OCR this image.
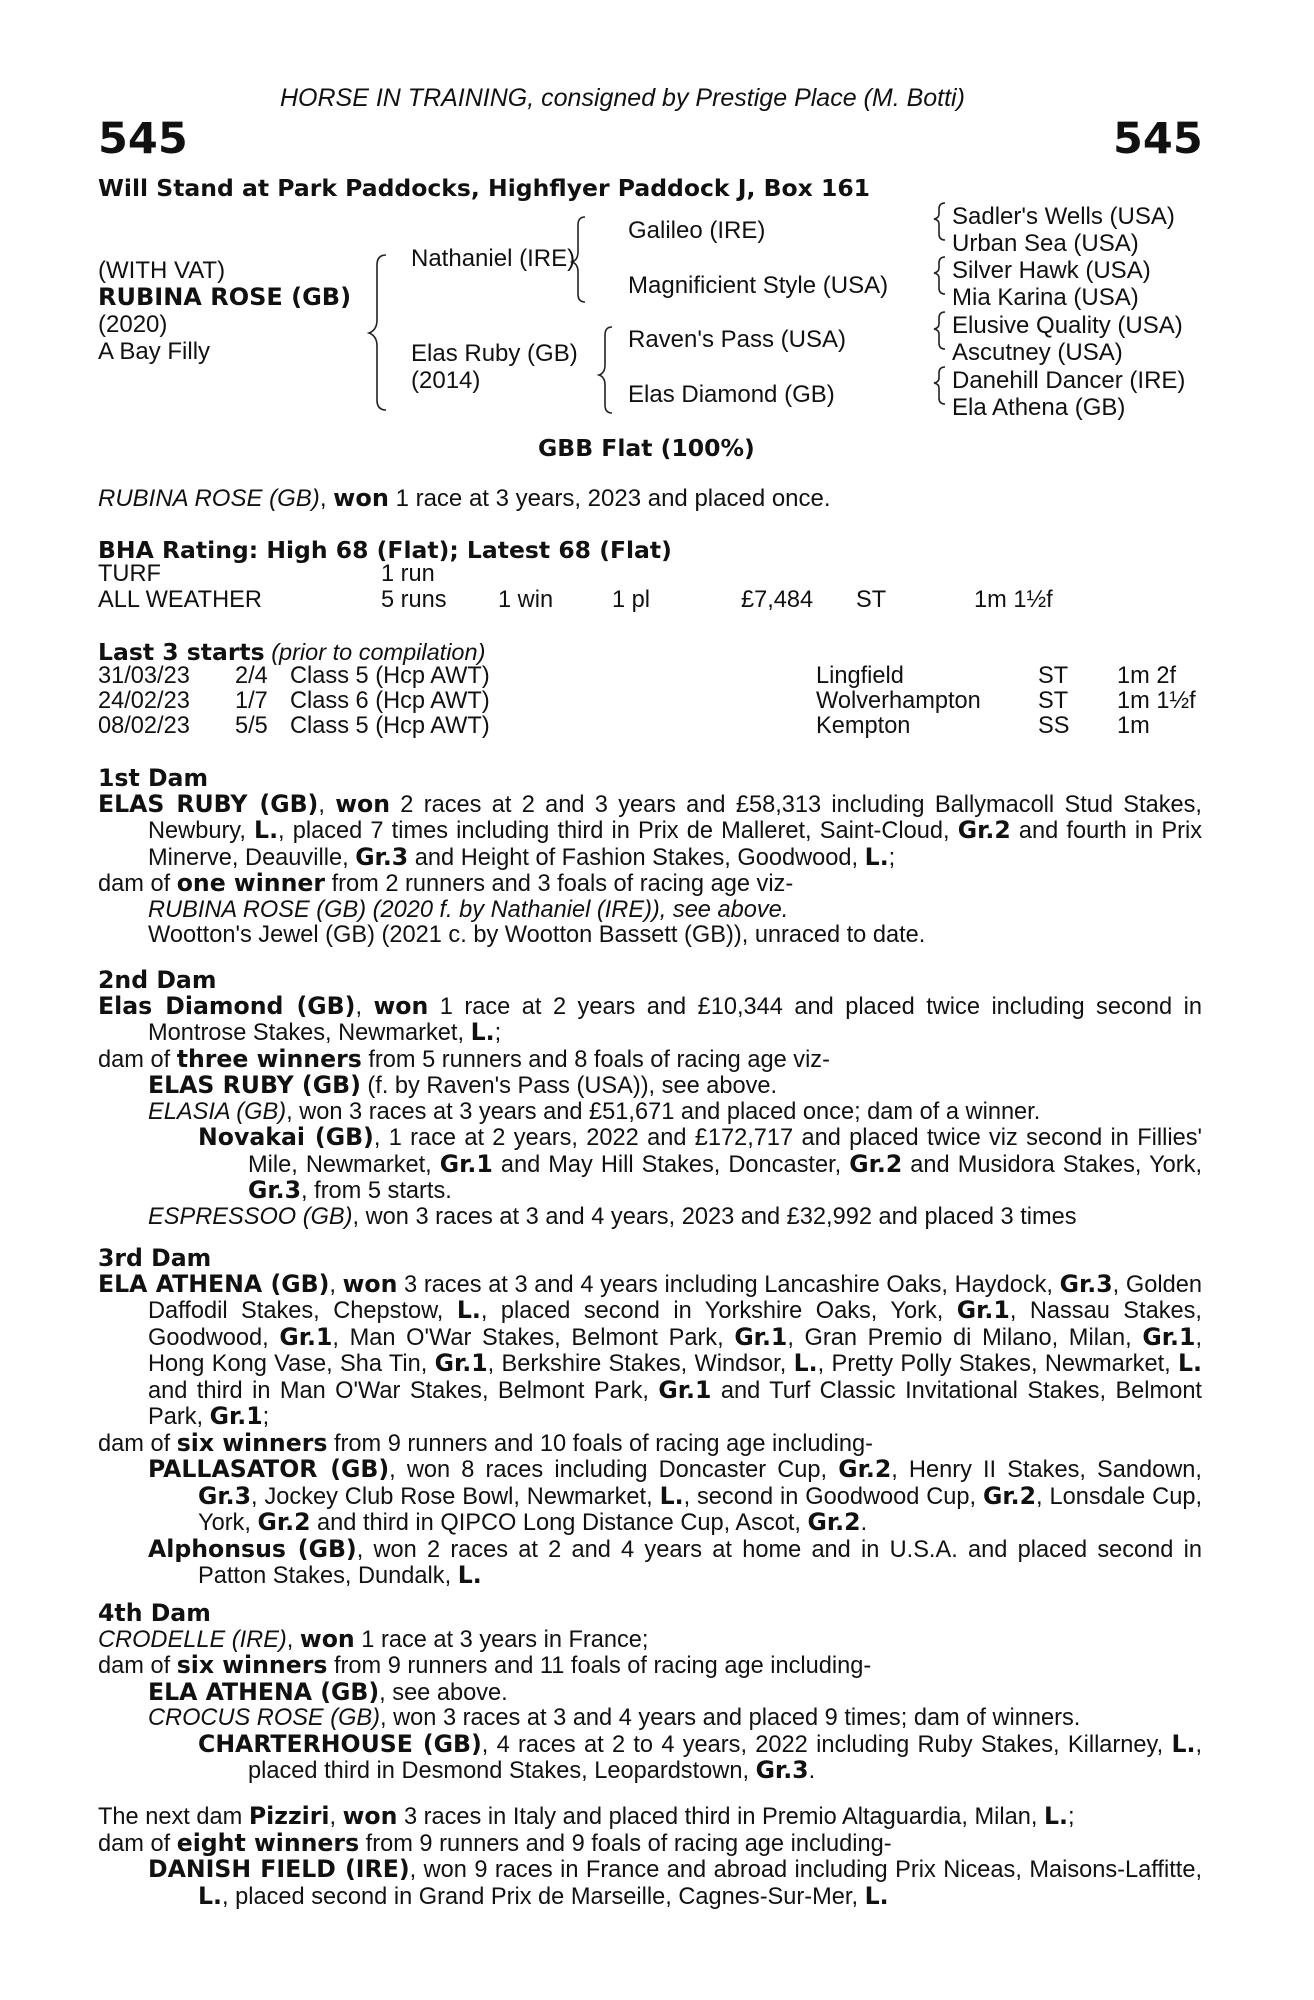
HORSE IN TRAINING, consigned by Prestige Place (M. Botti)
545	545
Will Stand at Park Paddocks, Highflyer Paddock J, Box 161
(WITH VAT)
RUBINA ROSE (GB)
(2020)
A Bay Filly
Nathaniel (IRE)
Elas Ruby (GB)
(2014)
Galileo (IRE)
Magnificient Style (USA)
Raven's Pass (USA)
Elas Diamond (GB)
Sadler's Wells (USA)
Urban Sea (USA)
Silver Hawk (USA)
Mia Karina (USA)
Elusive Quality (USA)
Ascutney (USA)
Danehill Dancer (IRE)
Ela Athena (GB)
GBB Flat (100%)
RUBINA ROSE (GB), won 1 race at 3 years, 2023 and placed once.
BHA Rating: High 68 (Flat); Latest 68 (Flat)
TURF	1 run
ALL WEATHER	5 runs 1 win 1 pl	£7,484 ST	1m 1½f
Last 3 starts (prior to compilation)
31/03/23 2/4 Class 5 (Hcp AWT)	Lingfield	ST 1m 2f
24/02/23 1/7 Class 6 (Hcp AWT)	Wolverhampton ST 1m 1½f
08/02/23 5/5 Class 5 (Hcp AWT)	Kempton	SS 1m

1st Dam

ELAS RUBY (GB), won 2 races at 2 and 3 years and £58,313 including Ballymacoll Stud Stakes, Newbury, L., placed 7 times including third in Prix de Malleret, Saint-Cloud, Gr.2 and fourth in Prix Minerve, Deauville, Gr.3 and Height of Fashion Stakes, Goodwood, L.;

dam of one winner from 2 runners and 3 foals of racing age viz-

RUBINA ROSE (GB) (2020 f. by Nathaniel (IRE)), see above.

Wootton's Jewel (GB) (2021 c. by Wootton Bassett (GB)), unraced to date.

2nd Dam

Elas Diamond (GB), won 1 race at 2 years and £10,344 and placed twice including second in Montrose Stakes, Newmarket, L.;

dam of three winners from 5 runners and 8 foals of racing age viz-

ELAS RUBY (GB) (f. by Raven's Pass (USA)), see above.

ELASIA (GB), won 3 races at 3 years and £51,671 and placed once; dam of a winner.

Novakai (GB), 1 race at 2 years, 2022 and £172,717 and placed twice viz second in Fillies' Mile, Newmarket, Gr.1 and May Hill Stakes, Doncaster, Gr.2 and Musidora Stakes, York, Gr.3, from 5 starts.

ESPRESSOO (GB), won 3 races at 3 and 4 years, 2023 and £32,992 and placed 3 times

3rd Dam

ELA ATHENA (GB), won 3 races at 3 and 4 years including Lancashire Oaks, Haydock, Gr.3, Golden Daffodil Stakes, Chepstow, L., placed second in Yorkshire Oaks, York, Gr.1, Nassau Stakes, Goodwood, Gr.1, Man O'War Stakes, Belmont Park, Gr.1, Gran Premio di Milano, Milan, Gr.1, Hong Kong Vase, Sha Tin, Gr.1, Berkshire Stakes, Windsor, L., Pretty Polly Stakes, Newmarket, L. and third in Man O'War Stakes, Belmont Park, Gr.1 and Turf Classic Invitational Stakes, Belmont Park, Gr.1;

dam of six winners from 9 runners and 10 foals of racing age including-

PALLASATOR (GB), won 8 races including Doncaster Cup, Gr.2, Henry II Stakes, Sandown, Gr.3, Jockey Club Rose Bowl, Newmarket, L., second in Goodwood Cup, Gr.2, Lonsdale Cup, York, Gr.2 and third in QIPCO Long Distance Cup, Ascot, Gr.2.

Alphonsus (GB), won 2 races at 2 and 4 years at home and in U.S.A. and placed second in Patton Stakes, Dundalk, L.

4th Dam

CRODELLE (IRE), won 1 race at 3 years in France;

dam of six winners from 9 runners and 11 foals of racing age including-

ELA ATHENA (GB), see above.

CROCUS ROSE (GB), won 3 races at 3 and 4 years and placed 9 times; dam of winners.

CHARTERHOUSE (GB), 4 races at 2 to 4 years, 2022 including Ruby Stakes, Killarney, L., placed third in Desmond Stakes, Leopardstown, Gr.3.

The next dam Pizziri, won 3 races in Italy and placed third in Premio Altaguardia, Milan, L.;

dam of eight winners from 9 runners and 9 foals of racing age including-

DANISH FIELD (IRE), won 9 races in France and abroad including Prix Niceas, Maisons-Laffitte, L., placed second in Grand Prix de Marseille, Cagnes-Sur-Mer, L.
